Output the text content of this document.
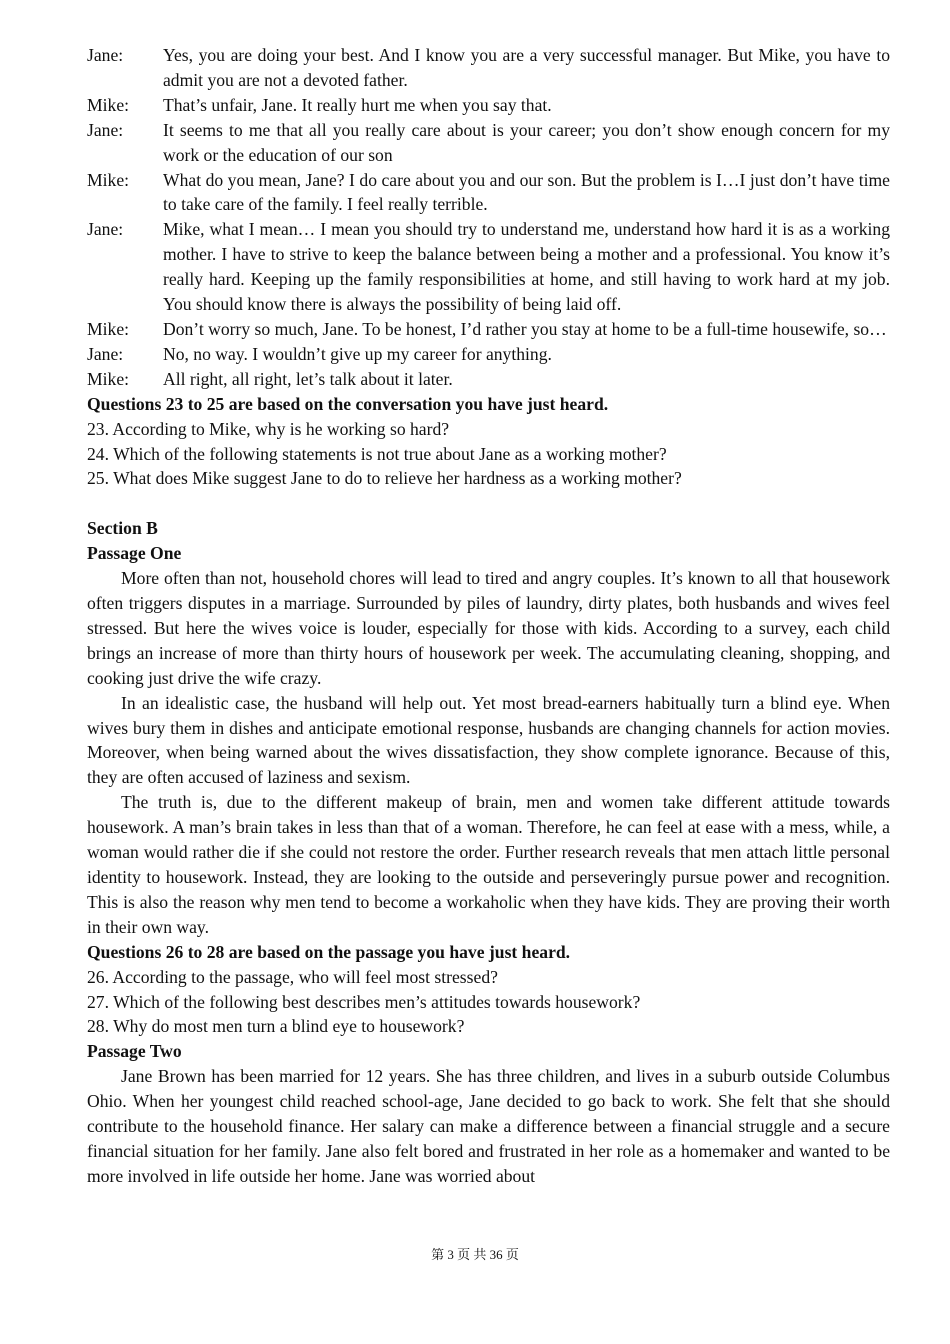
Jane:	Yes, you are doing your best. And I know you are a very successful manager. But Mike, you have to admit you are not a devoted father.
Mike:	That’s unfair, Jane. It really hurt me when you say that.
Jane:	It seems to me that all you really care about is your career; you don’t show enough concern for my work or the education of our son
Mike:	What do you mean, Jane? I do care about you and our son. But the problem is I…I just don’t have time to take care of the family. I feel really terrible.
Jane:	Mike, what I mean… I mean you should try to understand me, understand how hard it is as a working mother. I have to strive to keep the balance between being a mother and a professional. You know it’s really hard. Keeping up the family responsibilities at home, and still having to work hard at my job. You should know there is always the possibility of being laid off.
Mike:	Don’t worry so much, Jane. To be honest, I’d rather you stay at home to be a full-time housewife, so…
Jane:	No, no way. I wouldn’t give up my career for anything.
Mike:	All right, all right, let’s talk about it later.
Questions 23 to 25 are based on the conversation you have just heard.
23. According to Mike, why is he working so hard?
24. Which of the following statements is not true about Jane as a working mother?
25. What does Mike suggest Jane to do to relieve her hardness as a working mother?
Section B
Passage One
More often than not, household chores will lead to tired and angry couples. It’s known to all that housework often triggers disputes in a marriage. Surrounded by piles of laundry, dirty plates, both husbands and wives feel stressed. But here the wives voice is louder, especially for those with kids. According to a survey, each child brings an increase of more than thirty hours of housework per week. The accumulating cleaning, shopping, and cooking just drive the wife crazy.
In an idealistic case, the husband will help out. Yet most bread-earners habitually turn a blind eye. When wives bury them in dishes and anticipate emotional response, husbands are changing channels for action movies. Moreover, when being warned about the wives dissatisfaction, they show complete ignorance. Because of this, they are often accused of laziness and sexism.
The truth is, due to the different makeup of brain, men and women take different attitude towards housework. A man’s brain takes in less than that of a woman. Therefore, he can feel at ease with a mess, while, a woman would rather die if she could not restore the order. Further research reveals that men attach little personal identity to housework. Instead, they are looking to the outside and perseveringly pursue power and recognition. This is also the reason why men tend to become a workaholic when they have kids. They are proving their worth in their own way.
Questions 26 to 28 are based on the passage you have just heard.
26. According to the passage, who will feel most stressed?
27. Which of the following best describes men’s attitudes towards housework?
28. Why do most men turn a blind eye to housework?
Passage Two
Jane Brown has been married for 12 years. She has three children, and lives in a suburb outside Columbus Ohio. When her youngest child reached school-age, Jane decided to go back to work. She felt that she should contribute to the household finance. Her salary can make a difference between a financial struggle and a secure financial situation for her family. Jane also felt bored and frustrated in her role as a homemaker and wanted to be more involved in life outside her home. Jane was worried about
第 3 页 共 36 页
